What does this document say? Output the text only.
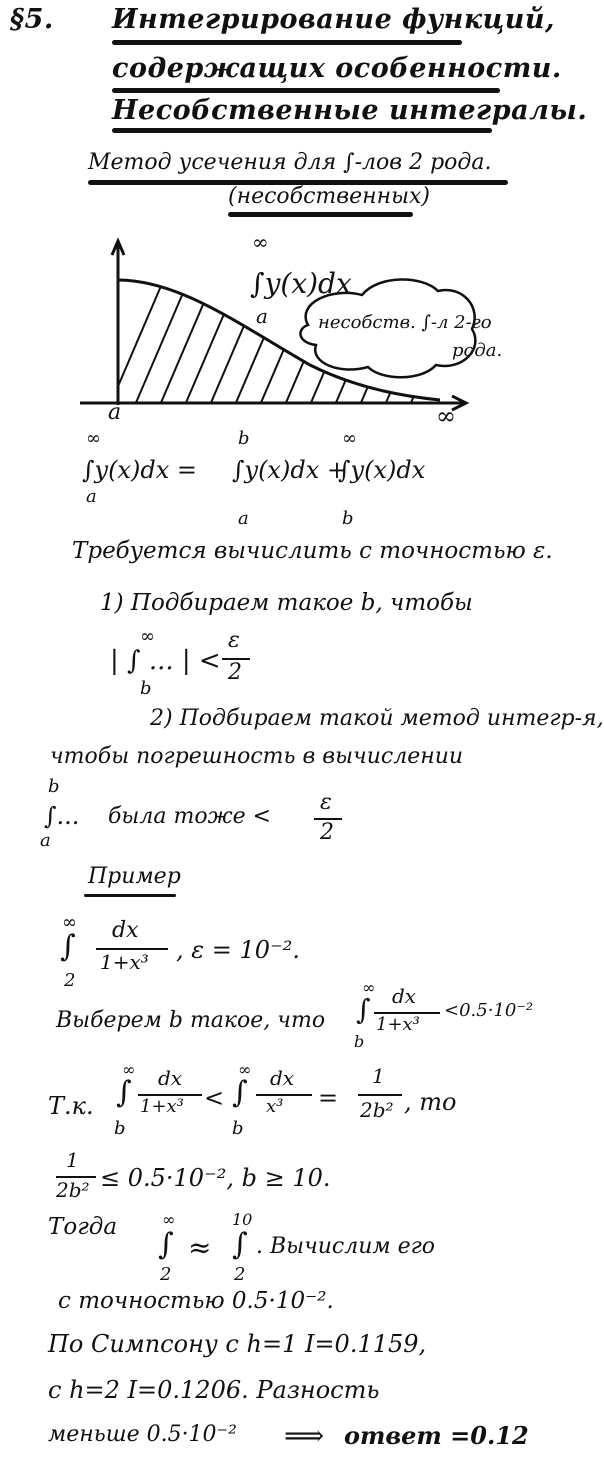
§5. Интегрирование функций,
содержащих особенности.
Несобственные интегралы.
Метод усечения для ∫-лов 2 рода.
(несобственных)
∞
∫y(x)dx
a	несобств. ∫-л 2-го
рода.
a	∞
∞
∫y(x)dx =
a
b
∫y(x)dx +
a
∞
∫y(x)dx
b
Требуется вычислить с точностью ε.
1) Подбираем такое b, чтобы
∞
| ∫ ... | <
b
ε
2
2) Подбираем такой метод интегр-я,
чтобы погрешность в вычислении
b
∫...
a
была тоже <
ε
2
Пример
∞
∫
2
dx
1+x³ , ε = 10⁻².
Выберем b такое, что
∞
∫
b
dx
1+x³
<0.5·10⁻²
Т.к.
∞
∫
b
dx
1+x³ <
∞
∫
b
dx
x³ =
1
2b² , то
1
2b² ≤ 0.5·10⁻², b ≥ 10.
Тогда	∞
∫
2
≈
10
∫
2
. Вычислим его
с точностью 0.5·10⁻².
По Симпсону с h=1 I=0.1159,
с h=2 I=0.1206. Разность
меньше 0.5·10⁻² ⟹ ответ =0.12
